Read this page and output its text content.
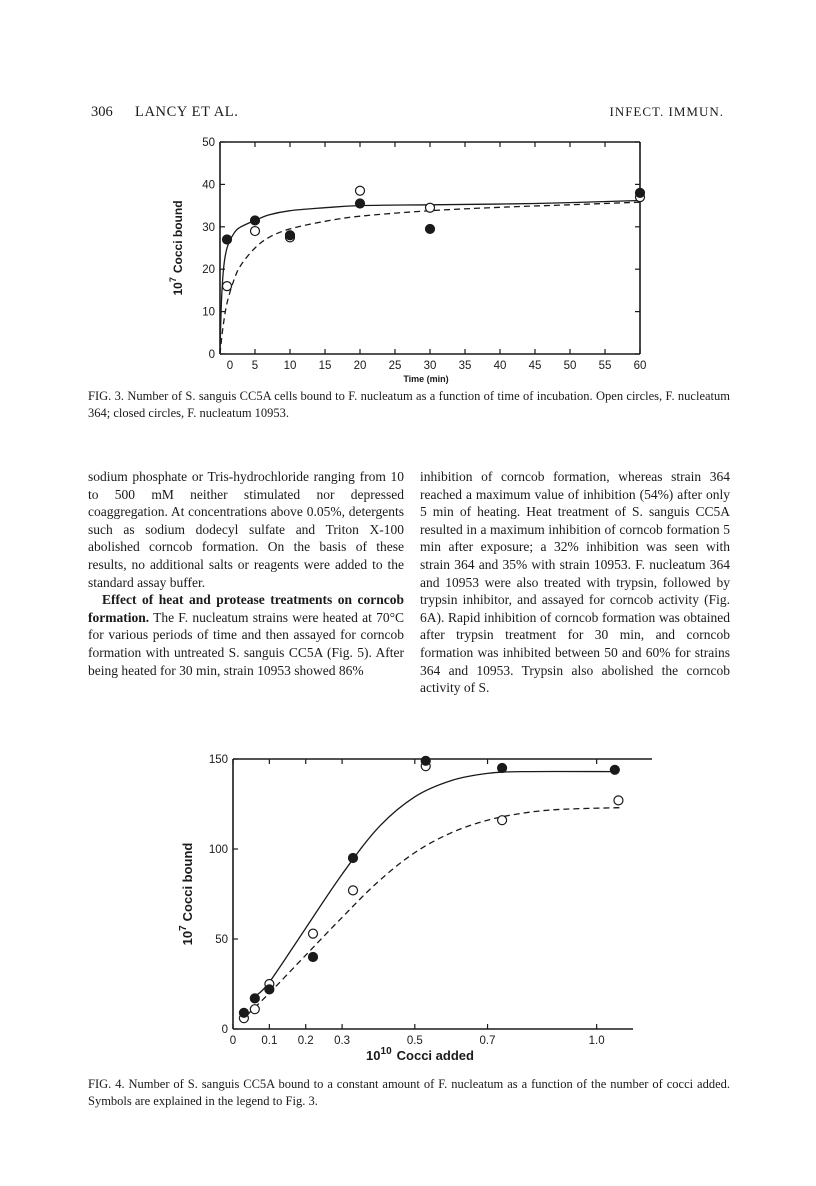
306 LANCY ET AL.	INFECT. IMMUN.
0 5 10 15 20 25 30 35 40 45 50 55 60
0
10
20
30
40
50
$10^7Cocci$ bound
Time (min)

FIG. 3. Number of S. sanguis CC5A cells bound to F. nucleatum as a function of time of incubation. Open circles, F. nucleatum 364; closed circles, F. nucleatum 10953.

sodium phosphate or Tris-hydrochloride ranging from 10 to 500 mM neither stimulated nor depressed coaggregation. At concentrations above 0.05%, detergents such as sodium dodecyl sulfate and Triton X-100 abolished corncob formation. On the basis of these results, no additional salts or reagents were added to the standard assay buffer.
Effect of heat and protease treatments on corncob formation. The F. nucleatum strains were heated at 70°C for various periods of time and then assayed for corncob formation with untreated S. sanguis CC5A (Fig. 5). After being heated for 30 min, strain 10953 showed 86%

inhibition of corncob formation, whereas strain 364 reached a maximum value of inhibition (54%) after only 5 min of heating. Heat treatment of S. sanguis CC5A resulted in a maximum inhibition of corncob formation 5 min after exposure; a 32% inhibition was seen with strain 364 and 35% with strain 10953. F. nucleatum 364 and 10953 were also treated with trypsin, followed by trypsin inhibitor, and assayed for corncob activity (Fig. 6A). Rapid inhibition of corncob formation was obtained after trypsin treatment for 30 min, and corncob formation was inhibited between 50 and 60% for strains 364 and 10953. Trypsin also abolished the corncob activity of S.

0 0.1 0.2 0.3	0.5	0.7	1.0
0
50
100
150
$10^7Cocci$ bound
$10^{10}$ Cocci added

FIG. 4. Number of S. sanguis CC5A bound to a constant amount of F. nucleatum as a function of the number of cocci added. Symbols are explained in the legend to Fig. 3.
